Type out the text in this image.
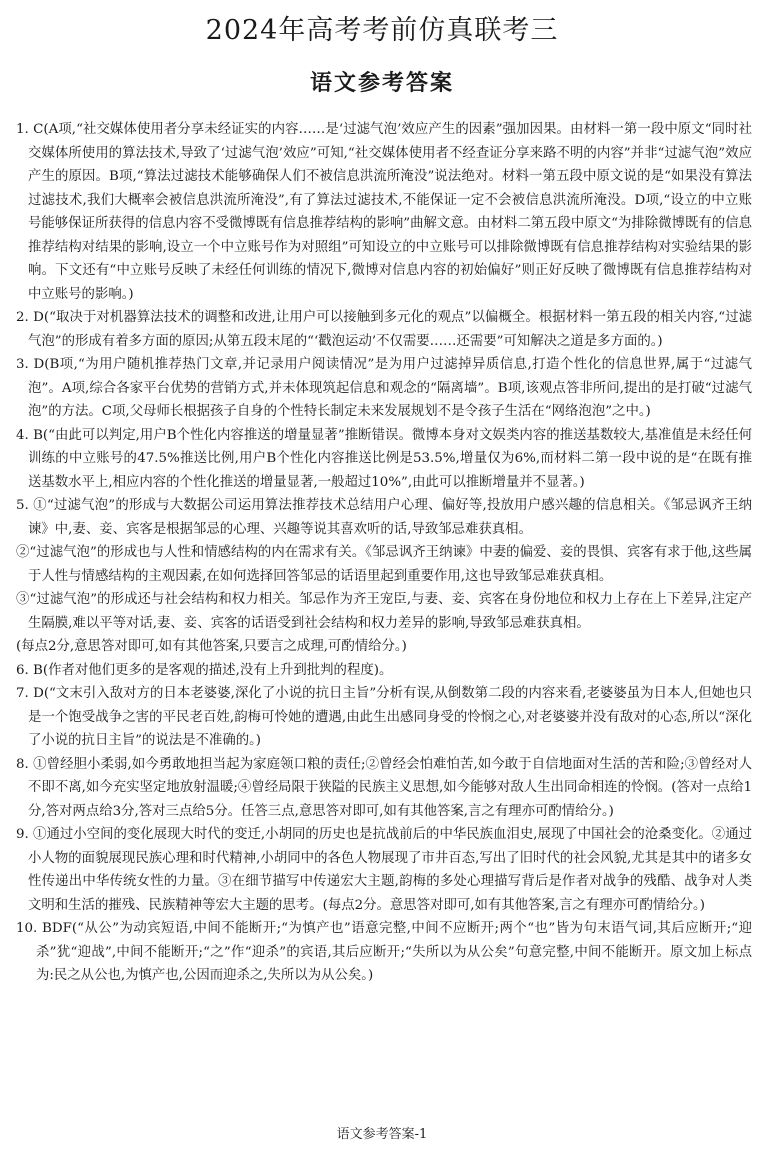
2024年高考考前仿真联考三
语文参考答案

1. C(A项,“社交媒体使用者分享未经证实的内容……是‘过滤气泡’效应产生的因素”强加因果。由材料一第一段中原文“同时社交媒体所使用的算法技术,导致了‘过滤气泡’效应”可知,“社交媒体使用者不经查证分享来路不明的内容”并非“过滤气泡”效应产生的原因。B项,“算法过滤技术能够确保人们不被信息洪流所淹没”说法绝对。材料一第五段中原文说的是“如果没有算法过滤技术,我们大概率会被信息洪流所淹没”,有了算法过滤技术,不能保证一定不会被信息洪流所淹没。D项,“设立的中立账号能够保证所获得的信息内容不受微博既有信息推荐结构的影响”曲解文意。由材料二第五段中原文“为排除微博既有的信息推荐结构对结果的影响,设立一个中立账号作为对照组”可知设立的中立账号可以排除微博既有信息推荐结构对实验结果的影响。下文还有“中立账号反映了未经任何训练的情况下,微博对信息内容的初始偏好”则正好反映了微博既有信息推荐结构对中立账号的影响。)

2. D(“取决于对机器算法技术的调整和改进,让用户可以接触到多元化的观点”以偏概全。根据材料一第五段的相关内容,“过滤气泡”的形成有着多方面的原因;从第五段末尾的“‘戳泡运动’不仅需要……还需要”可知解决之道是多方面的。)

3. D(B项,“为用户随机推荐热门文章,并记录用户阅读情况”是为用户过滤掉异质信息,打造个性化的信息世界,属于“过滤气泡”。A项,综合各家平台优势的营销方式,并未体现筑起信息和观念的“隔离墙”。B项,该观点答非所问,提出的是打破“过滤气泡”的方法。C项,父母师长根据孩子自身的个性特长制定未来发展规划不是令孩子生活在“网络泡泡”之中。)

4. B(“由此可以判定,用户B个性化内容推送的增量显著”推断错误。微博本身对文娱类内容的推送基数较大,基准值是未经任何训练的中立账号的47.5%推送比例,用户B个性化内容推送比例是53.5%,增量仅为6%,而材料二第一段中说的是“在既有推送基数水平上,相应内容的个性化推送的增量显著,一般超过10%”,由此可以推断增量并不显著。)

5. ①“过滤气泡”的形成与大数据公司运用算法推荐技术总结用户心理、偏好等,投放用户感兴趣的信息相关。《邹忌讽齐王纳谏》中,妻、妾、宾客是根据邹忌的心理、兴趣等说其喜欢听的话,导致邹忌难获真相。

②“过滤气泡”的形成也与人性和情感结构的内在需求有关。《邹忌讽齐王纳谏》中妻的偏爱、妾的畏惧、宾客有求于他,这些属于人性与情感结构的主观因素,在如何选择回答邹忌的话语里起到重要作用,这也导致邹忌难获真相。

③“过滤气泡”的形成还与社会结构和权力相关。邹忌作为齐王宠臣,与妻、妾、宾客在身份地位和权力上存在上下差异,注定产生隔膜,难以平等对话,妻、妾、宾客的话语受到社会结构和权力差异的影响,导致邹忌难获真相。

(每点2分,意思答对即可,如有其他答案,只要言之成理,可酌情给分。)

6. B(作者对他们更多的是客观的描述,没有上升到批判的程度)。

7. D(“文末引入敌对方的日本老婆婆,深化了小说的抗日主旨”分析有误,从倒数第二段的内容来看,老婆婆虽为日本人,但她也只是一个饱受战争之害的平民老百姓,韵梅可怜她的遭遇,由此生出感同身受的怜悯之心,对老婆婆并没有敌对的心态,所以“深化了小说的抗日主旨”的说法是不准确的。)

8. ①曾经胆小柔弱,如今勇敢地担当起为家庭领口粮的责任;②曾经会怕难怕苦,如今敢于自信地面对生活的苦和险;③曾经对人不即不离,如今充实坚定地放射温暖;④曾经局限于狭隘的民族主义思想,如今能够对敌人生出同命相连的怜悯。(答对一点给1分,答对两点给3分,答对三点给5分。任答三点,意思答对即可,如有其他答案,言之有理亦可酌情给分。)

9. ①通过小空间的变化展现大时代的变迁,小胡同的历史也是抗战前后的中华民族血泪史,展现了中国社会的沧桑变化。②通过小人物的面貌展现民族心理和时代精神,小胡同中的各色人物展现了市井百态,写出了旧时代的社会风貌,尤其是其中的诸多女性传递出中华传统女性的力量。③在细节描写中传递宏大主题,韵梅的多处心理描写背后是作者对战争的残酷、战争对人类文明和生活的摧残、民族精神等宏大主题的思考。(每点2分。意思答对即可,如有其他答案,言之有理亦可酌情给分。)

10. BDF(“从公”为动宾短语,中间不能断开;“为慎产也”语意完整,中间不应断开;两个“也”皆为句末语气词,其后应断开;“迎杀”犹“迎战”,中间不能断开;“之”作“迎杀”的宾语,其后应断开;“失所以为从公矣”句意完整,中间不能断开。原文加上标点为:民之从公也,为慎产也,公因而迎杀之,失所以为从公矣。)

语文参考答案-1
